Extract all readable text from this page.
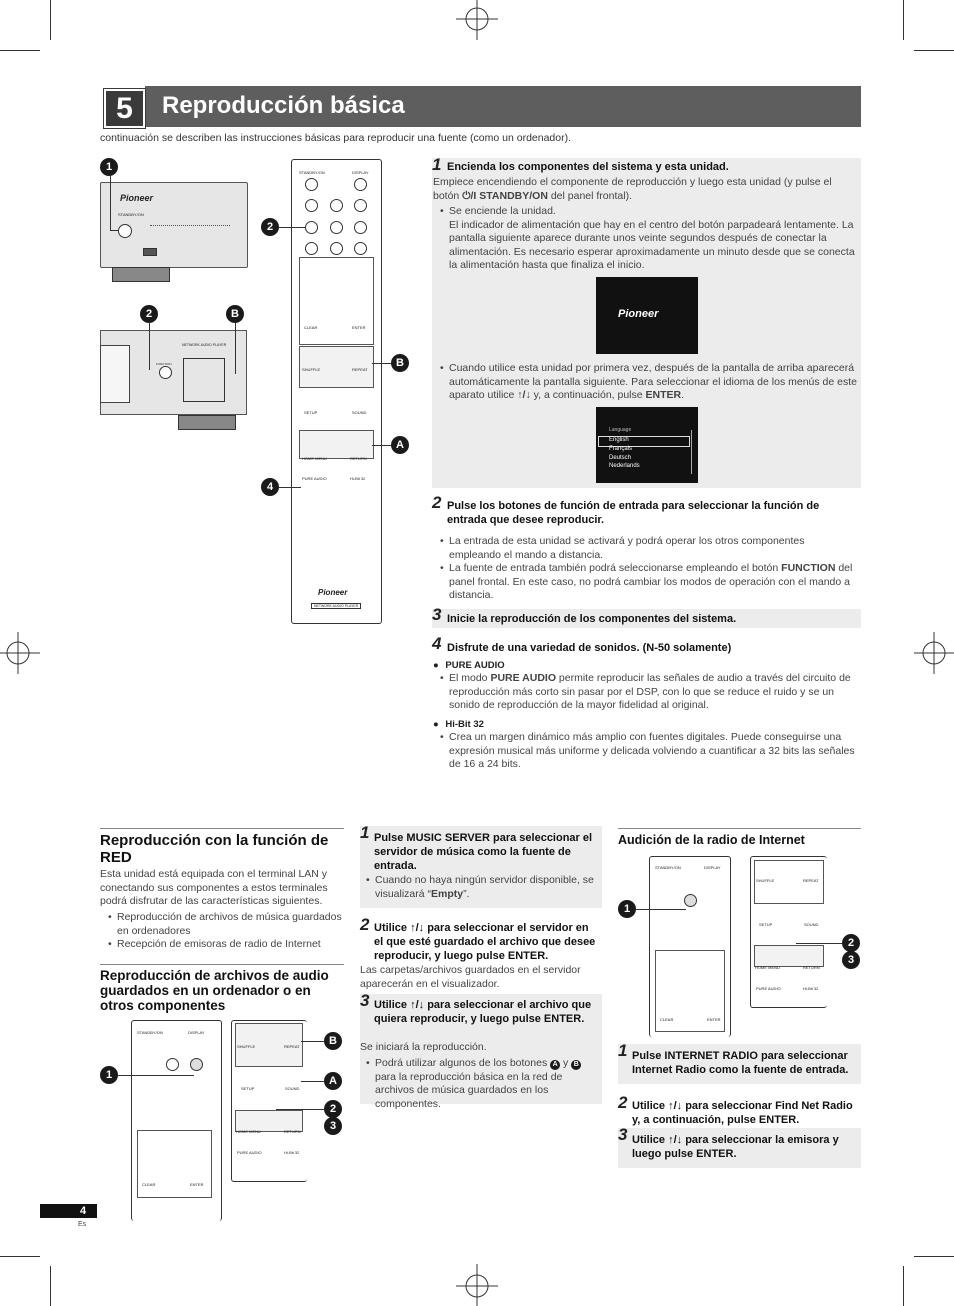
5	Reproducción básica
continuación se describen las instrucciones básicas para reproducir una fuente (como un ordenador).
Pioneer
STANDBY/ON
1
NETWORK AUDIO PLAYER
FUNCTION
2	B
STANDBY/ON	DISPLAY
CLEAR	ENTER
SHUFFLE	REPEAT
SETUP	SOUND
HOME MENU	RETURN
PURE AUDIO	Hi-Bit 32
Pioneer
NETWORK AUDIO PLAYER
2
B
A
4
1 Encienda los componentes del sistema y esta unidad.
Empiece encendiendo el componente de reproducción y luego esta unidad (y pulse el botón ⏻/I STANDBY/ON del panel frontal).
• Se enciende la unidad.
El indicador de alimentación que hay en el centro del botón parpadeará lentamente. La pantalla siguiente aparece durante unos veinte segundos después de conectar la alimentación. Es necesario esperar aproximadamente un minuto desde que se conecta la alimentación hasta que finaliza el inicio.
Pioneer
• Cuando utilice esta unidad por primera vez, después de la pantalla de arriba aparecerá automáticamente la pantalla siguiente. Para seleccionar el idioma de los menús de este aparato utilice ↑/↓ y, a continuación, pulse ENTER.
Language
English
Français
Deutsch
Nederlands
2 Pulse los botones de función de entrada para seleccionar la función de entrada que desee reproducir.
• La entrada de esta unidad se activará y podrá operar los otros componentes empleando el mando a distancia.
• La fuente de entrada también podrá seleccionarse empleando el botón FUNCTION del panel frontal. En este caso, no podrá cambiar los modos de operación con el mando a distancia.
3 Inicie la reproducción de los componentes del sistema.
4 Disfrute de una variedad de sonidos. (N-50 solamente)
● PURE AUDIO
• El modo PURE AUDIO permite reproducir las señales de audio a través del circuito de reproducción más corto sin pasar por el DSP, con lo que se reduce el ruido y se un sonido de reproducción de la mayor fidelidad al original.
● Hi-Bit 32
• Crea un margen dinámico más amplio con fuentes digitales. Puede conseguirse una expresión musical más uniforme y delicada volviendo a cuantificar a 32 bits las señales de 16 a 24 bits.
Reproducción con la función de RED
Esta unidad está equipada con el terminal LAN y conectando sus componentes a estos terminales podrá disfrutar de las características siguientes.
• Reproducción de archivos de música guardados en ordenadores
• Recepción de emisoras de radio de Internet
Reproducción de archivos de audio guardados en un ordenador o en otros componentes
STANDBY/ON	DISPLAY
CLEAR	ENTER
SHUFFLE	REPEAT
SETUP	SOUND
HOME MENU	RETURN
PURE AUDIO	Hi-Bit 32
1
B
A
2
3
1 Pulse MUSIC SERVER para seleccionar el servidor de música como la fuente de entrada.
• Cuando no haya ningún servidor disponible, se visualizará “Empty”.
2 Utilice ↑/↓ para seleccionar el servidor en el que esté guardado el archivo que desee reproducir, y luego pulse ENTER.
Las carpetas/archivos guardados en el servidor aparecerán en el visualizador.
3 Utilice ↑/↓ para seleccionar el archivo que quiera reproducir, y luego pulse ENTER.
Se iniciará la reproducción.
• Podrá utilizar algunos de los botones A y B para la reproducción básica en la red de archivos de música guardados en los componentes.
Audición de la radio de Internet
STANDBY/ON	DISPLAY
CLEAR	ENTER
SHUFFLE	REPEAT
SETUP	SOUND
HOME MENU	RETURN
PURE AUDIO	Hi-Bit 32
1
2
3
1 Pulse INTERNET RADIO para seleccionar Internet Radio como la fuente de entrada.
2 Utilice ↑/↓ para seleccionar Find Net Radio y, a continuación, pulse ENTER.
3 Utilice ↑/↓ para seleccionar la emisora y luego pulse ENTER.
4
Es
